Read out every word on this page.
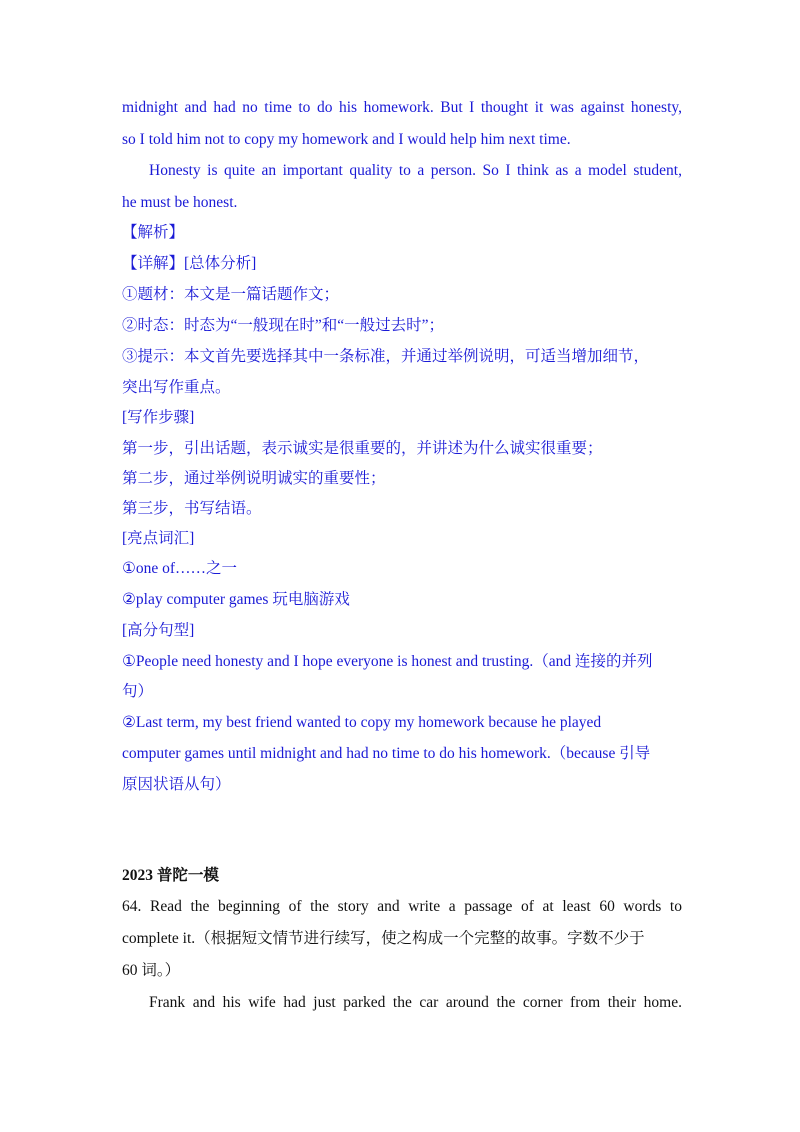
midnight and had no time to do his homework. But I thought it was against honesty,
so I told him not to copy my homework and I would help him next time.
Honesty is quite an important quality to a person. So I think as a model student,
he must be honest.
【解析】
【详解】[总体分析]
①题材：本文是一篇话题作文；
②时态：时态为“一般现在时”和“一般过去时”；
③提示：本文首先要选择其中一条标准，并通过举例说明，可适当增加细节，
突出写作重点。
[写作步骤]
第一步，引出话题，表示诚实是很重要的，并讲述为什么诚实很重要；
第二步，通过举例说明诚实的重要性；
第三步，书写结语。
[亮点词汇]
①one of……之一
②play computer games 玩电脑游戏
[高分句型]
①People need honesty and I hope everyone is honest and trusting.（and 连接的并列
句）
②Last term, my best friend wanted to copy my homework because he played
computer games until midnight and had no time to do his homework.（because 引导
原因状语从句）
2023 普陀一模
64. Read the beginning of the story and write a passage of at least 60 words to
complete it.（根据短文情节进行续写，使之构成一个完整的故事。字数不少于
60 词。）
Frank and his wife had just parked the car around the corner from their home.
